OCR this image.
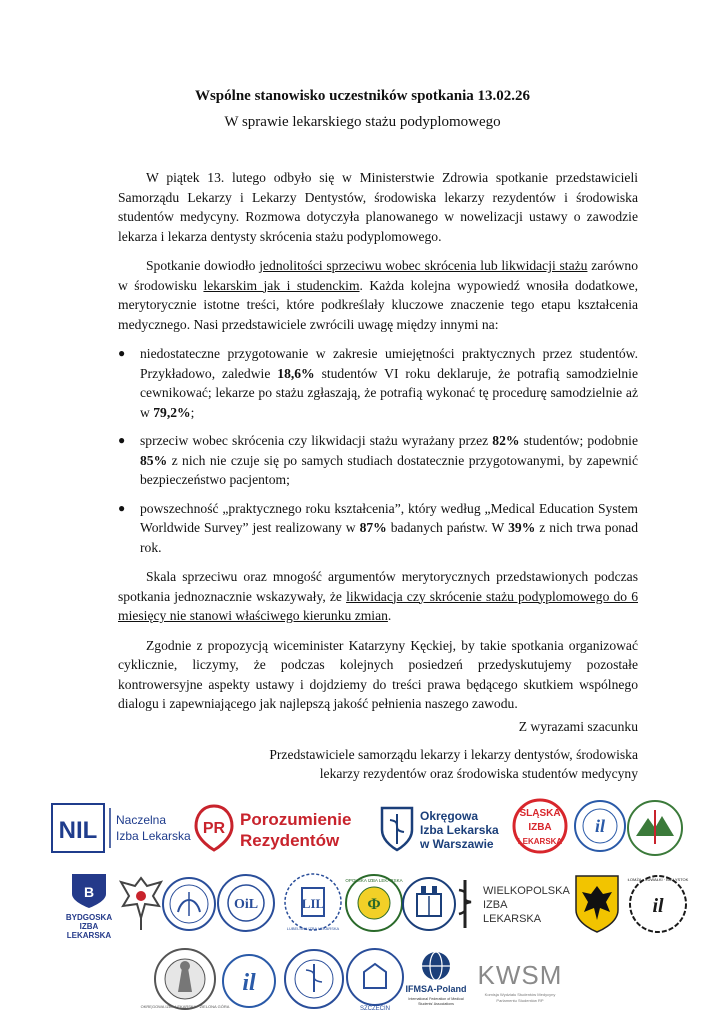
Wspólne stanowisko uczestników spotkania 13.02.26
W sprawie lekarskiego stażu podyplomowego

W piątek 13. lutego odbyło się w Ministerstwie Zdrowia spotkanie przedstawicieli Samorządu Lekarzy i Lekarzy Dentystów, środowiska lekarzy rezydentów i środowiska studentów medycyny. Rozmowa dotyczyła planowanego w nowelizacji ustawy o zawodzie lekarza i lekarza dentysty skrócenia stażu podyplomowego.

Spotkanie dowiodło jednolitości sprzeciwu wobec skrócenia lub likwidacji stażu zarówno w środowisku lekarskim jak i studenckim. Każda kolejna wypowiedź wnosiła dodatkowe, merytorycznie istotne treści, które podkreślały kluczowe znaczenie tego etapu kształcenia medycznego. Nasi przedstawiciele zwrócili uwagę między innymi na:

● niedostateczne przygotowanie w zakresie umiejętności praktycznych przez studentów. Przykładowo, zaledwie 18,6% studentów VI roku deklaruje, że potrafią samodzielnie cewnikować; lekarze po stażu zgłaszają, że potrafią wykonać tę procedurę samodzielnie aż w 79,2%;
● sprzeciw wobec skrócenia czy likwidacji stażu wyrażany przez 82% studentów; podobnie 85% z nich nie czuje się po samych studiach dostatecznie przygotowanymi, by zapewnić bezpieczeństwo pacjentom;
● powszechność „praktycznego roku kształcenia”, który według „Medical Education System Worldwide Survey” jest realizowany w 87% badanych państw. W 39% z nich trwa ponad rok.

Skala sprzeciwu oraz mnogość argumentów merytorycznych przedstawionych podczas spotkania jednoznacznie wskazywały, że likwidacja czy skrócenie stażu podyplomowego do 6 miesięcy nie stanowi właściwego kierunku zmian.

Zgodnie z propozycją wiceminister Katarzyny Kęckiej, by takie spotkania organizować cyklicznie, liczymy, że podczas kolejnych posiedzeń przedyskutujemy pozostałe kontrowersyjne aspekty ustawy i dojdziemy do treści prawa będącego skutkiem wspólnego dialogu i zapewniającego jak najlepszą jakość pełnienia naszego zawodu.

Z wyrazami szacunku
Przedstawiciele samorządu lekarzy i lekarzy dentystów, środowiska
lekarzy rezydentów oraz środowiska studentów medycyny
NIL Naczelna
Izba Lekarska PR Porozumienie
Rezydentów
Okręgowa
Izba Lekarska
w Warszawie
ŚLĄSKA
IZBA
LEKARSKA
il
B
BYDGOSKA
IZBA
LEKARSKA
OiL	LIL
LUBELSKA IZBA LEKARSKA
Φ
OPOLSKA IZBA LEKARSKA
WIELKOPOLSKA
IZBA
LEKARSKA
il
ŁOMŻA · SUWAŁKI · BIAŁYSTOK
OKRĘGOWA IZBA LEKARSKA · ZIELONA GÓRA
il
SZCZECIN
IFMSA-Poland
International Federation of Medical
Students' Associations
KWSM
Komisja Wydziału Studentów Medycyny
Parlamentu Studentów RP
